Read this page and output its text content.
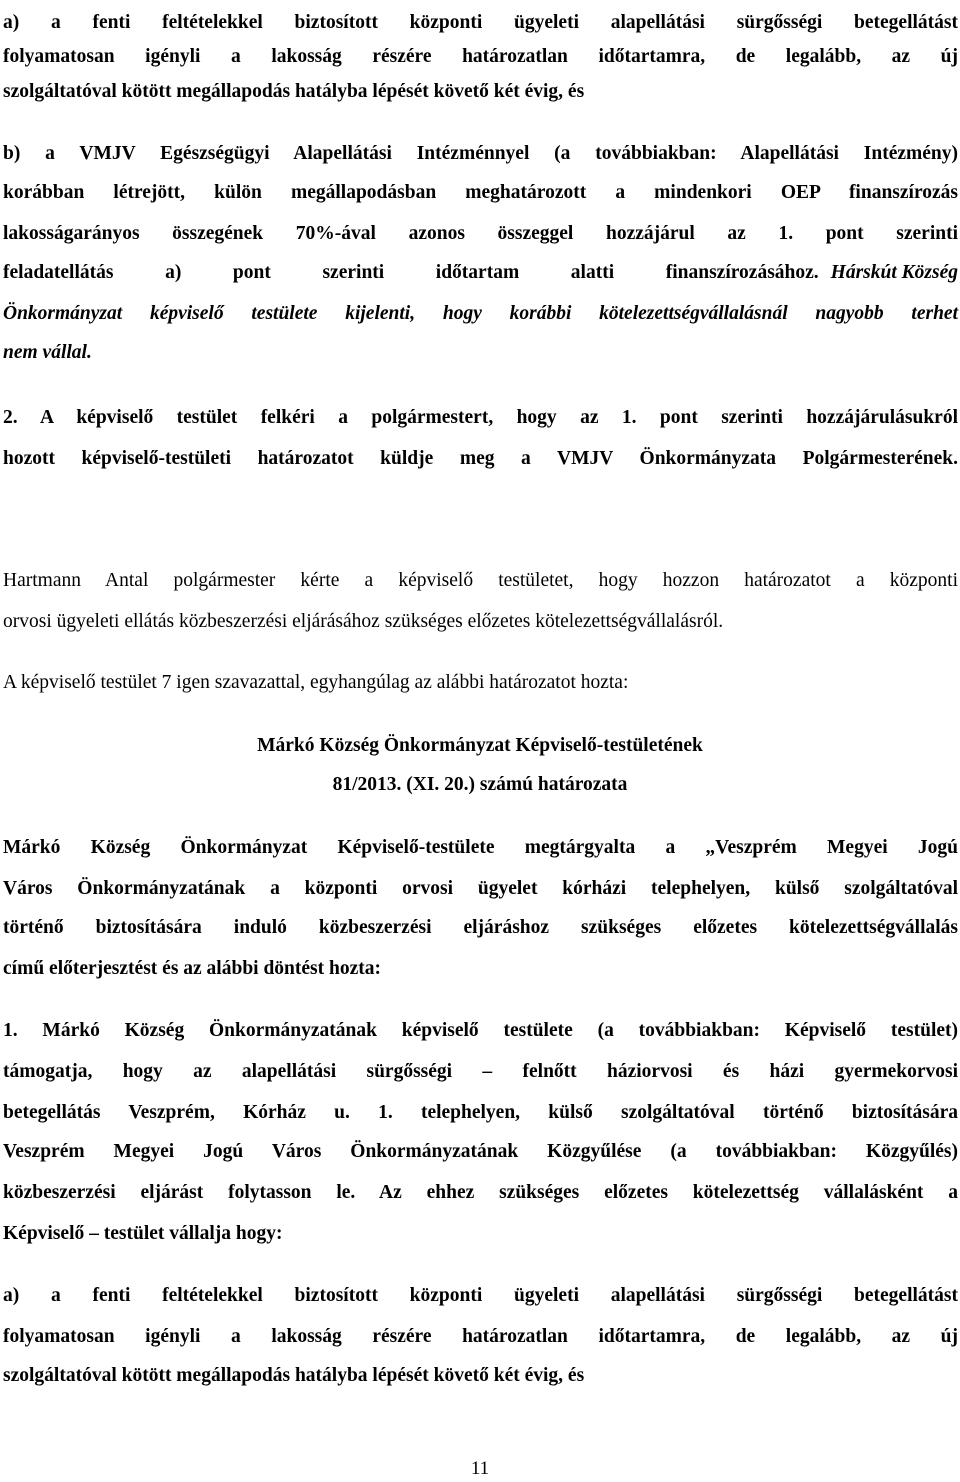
a) a fenti feltételekkel biztosított központi ügyeleti alapellátási sürgősségi betegellátást
folyamatosan igényli a lakosság részére határozatlan időtartamra, de legalább, az új
szolgáltatóval kötött megállapodás hatályba lépését követő két évig, és
b) a VMJV Egészségügyi Alapellátási Intézménnyel (a továbbiakban: Alapellátási Intézmény)
korábban létrejött, külön megállapodásban meghatározott a mindenkori OEP finanszírozás
lakosságarányos összegének 70%-ával azonos összeggel hozzájárul az 1. pont szerinti
feladatellátás a) pont szerinti időtartam alatti finanszírozásához. Hárskút Község
Önkormányzat képviselő testülete kijelenti, hogy korábbi kötelezettségvállalásnál nagyobb terhet
nem vállal.
2. A képviselő testület felkéri a polgármestert, hogy az 1. pont szerinti hozzájárulásukról
hozott képviselő-testületi határozatot küldje meg a VMJV Önkormányzata Polgármesterének.
Hartmann Antal polgármester kérte a képviselő testületet, hogy hozzon határozatot a központi
orvosi ügyeleti ellátás közbeszerzési eljárásához szükséges előzetes kötelezettségvállalásról.
A képviselő testület 7 igen szavazattal, egyhangúlag az alábbi határozatot hozta:
Márkó Község Önkormányzat Képviselő-testületének
81/2013. (XI. 20.) számú határozata
Márkó Község Önkormányzat Képviselő-testülete megtárgyalta a „Veszprém Megyei Jogú
Város Önkormányzatának a központi orvosi ügyelet kórházi telephelyen, külső szolgáltatóval
történő biztosítására induló közbeszerzési eljáráshoz szükséges előzetes kötelezettségvállalás
című előterjesztést és az alábbi döntést hozta:
1. Márkó Község Önkormányzatának képviselő testülete (a továbbiakban: Képviselő testület)
támogatja, hogy az alapellátási sürgősségi – felnőtt háziorvosi és házi gyermekorvosi
betegellátás Veszprém, Kórház u. 1. telephelyen, külső szolgáltatóval történő biztosítására
Veszprém Megyei Jogú Város Önkormányzatának Közgyűlése (a továbbiakban: Közgyűlés)
közbeszerzési eljárást folytasson le. Az ehhez szükséges előzetes kötelezettség vállalásként a
Képviselő – testület vállalja hogy:
a) a fenti feltételekkel biztosított központi ügyeleti alapellátási sürgősségi betegellátást
folyamatosan igényli a lakosság részére határozatlan időtartamra, de legalább, az új
szolgáltatóval kötött megállapodás hatályba lépését követő két évig, és
11
